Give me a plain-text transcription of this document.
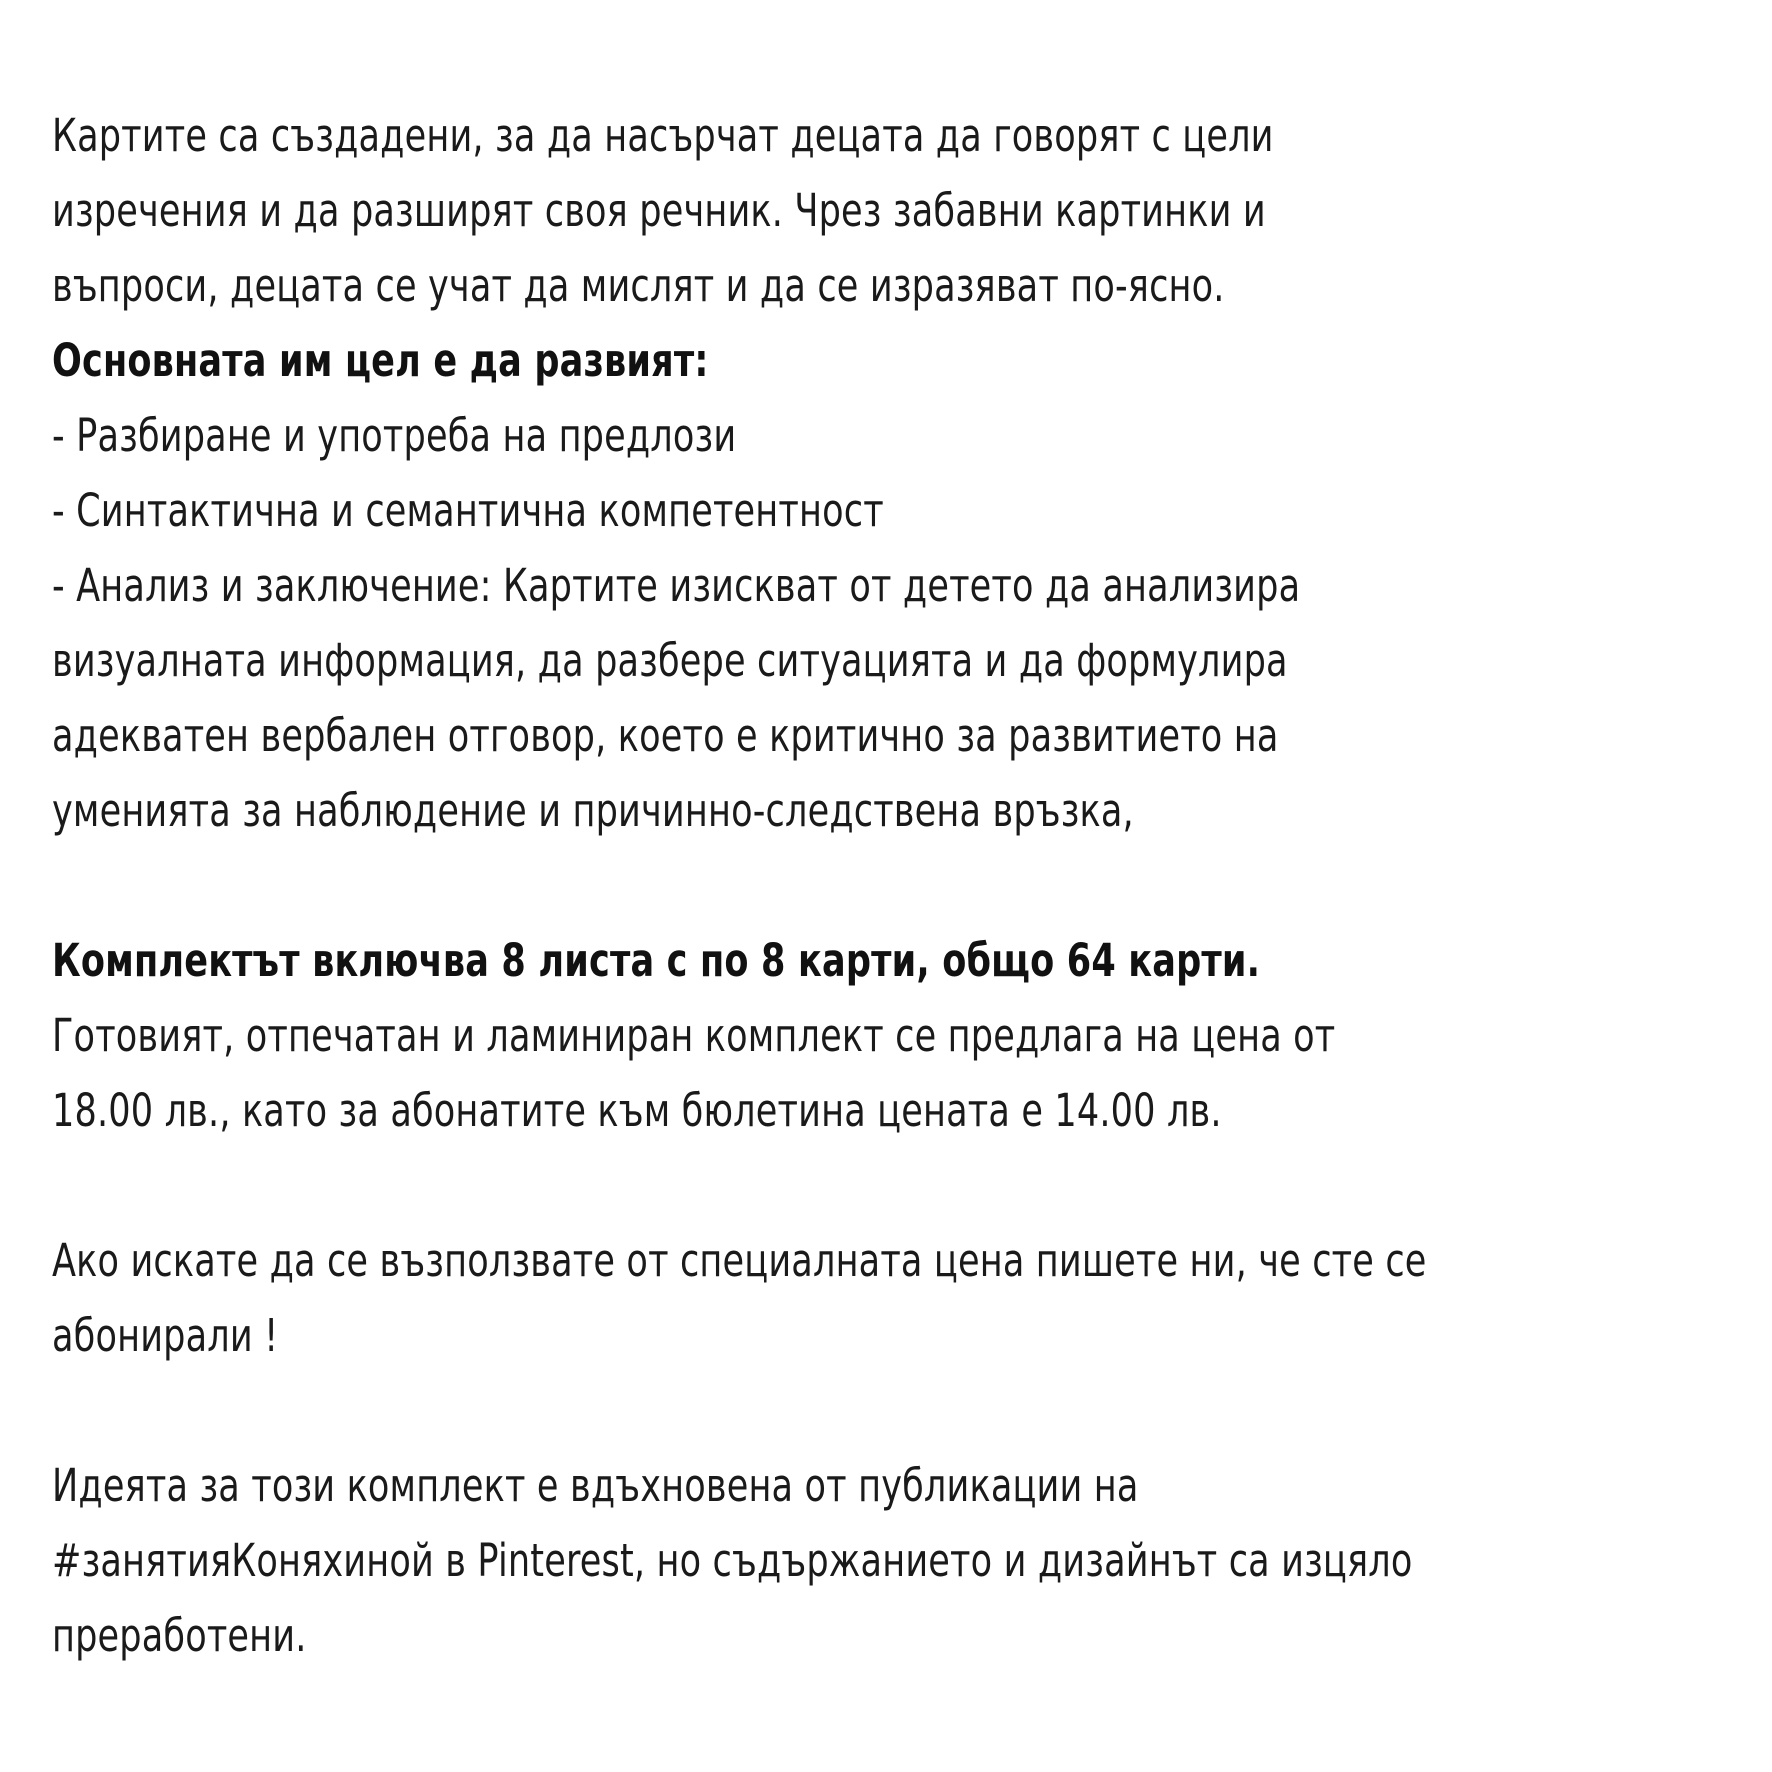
Картите са създадени, за да насърчат децата да говорят с цели
изречения и да разширят своя речник. Чрез забавни картинки и
въпроси, децата се учат да мислят и да се изразяват по-ясно.
Основната им цел е да развият:
- Разбиране и употреба на предлози
- Синтактична и семантична компетентност
- Анализ и заключение: Картите изискват от детето да анализира
визуалната информация, да разбере ситуацията и да формулира
адекватен вербален отговор, което е критично за развитието на
уменията за наблюдение и причинно-следствена връзка,
Комплектът включва 8 листа с по 8 карти, общо 64 карти.
Готовият, отпечатан и ламиниран комплект се предлага на цена от
18.00 лв., като за абонатите към бюлетина цената е 14.00 лв.
Ако искате да се възползвате от специалната цена пишете ни, че сте се
абонирали !
Идеята за този комплект е вдъхновена от публикации на
#занятияКоняхиной в Pinterest, но съдържанието и дизайнът са изцяло
преработени.
